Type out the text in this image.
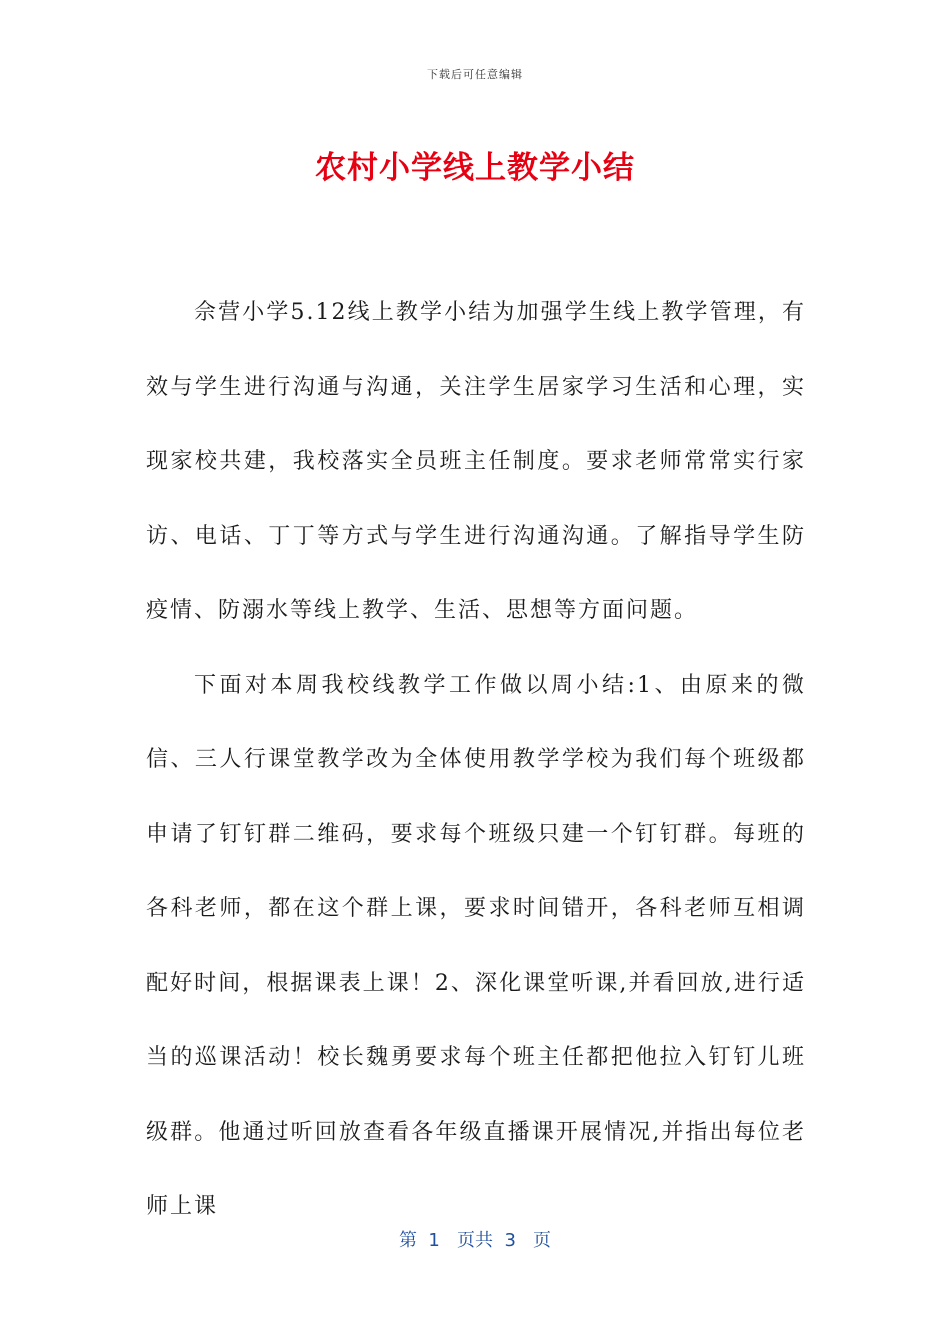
下载后可任意编辑
农村小学线上教学小结

佘营小学5.12线上教学小结为加强学生线上教学管理，有效与学生进行沟通与沟通，关注学生居家学习生活和心理，实现家校共建，我校落实全员班主任制度。要求老师常常实行家访、电话、丁丁等方式与学生进行沟通沟通。了解指导学生防疫情、防溺水等线上教学、生活、思想等方面问题。

下面对本周我校线教学工作做以周小结:1、由原来的微信、三人行课堂教学改为全体使用教学学校为我们每个班级都申请了钉钉群二维码，要求每个班级只建一个钉钉群。每班的各科老师，都在这个群上课，要求时间错开，各科老师互相调配好时间，根据课表上课！2、深化课堂听课,并看回放,进行适当的巡课活动！校长魏勇要求每个班主任都把他拉入钉钉儿班级群。他通过听回放查看各年级直播课开展情况,并指出每位老师上课

第  1   页共  3   页
